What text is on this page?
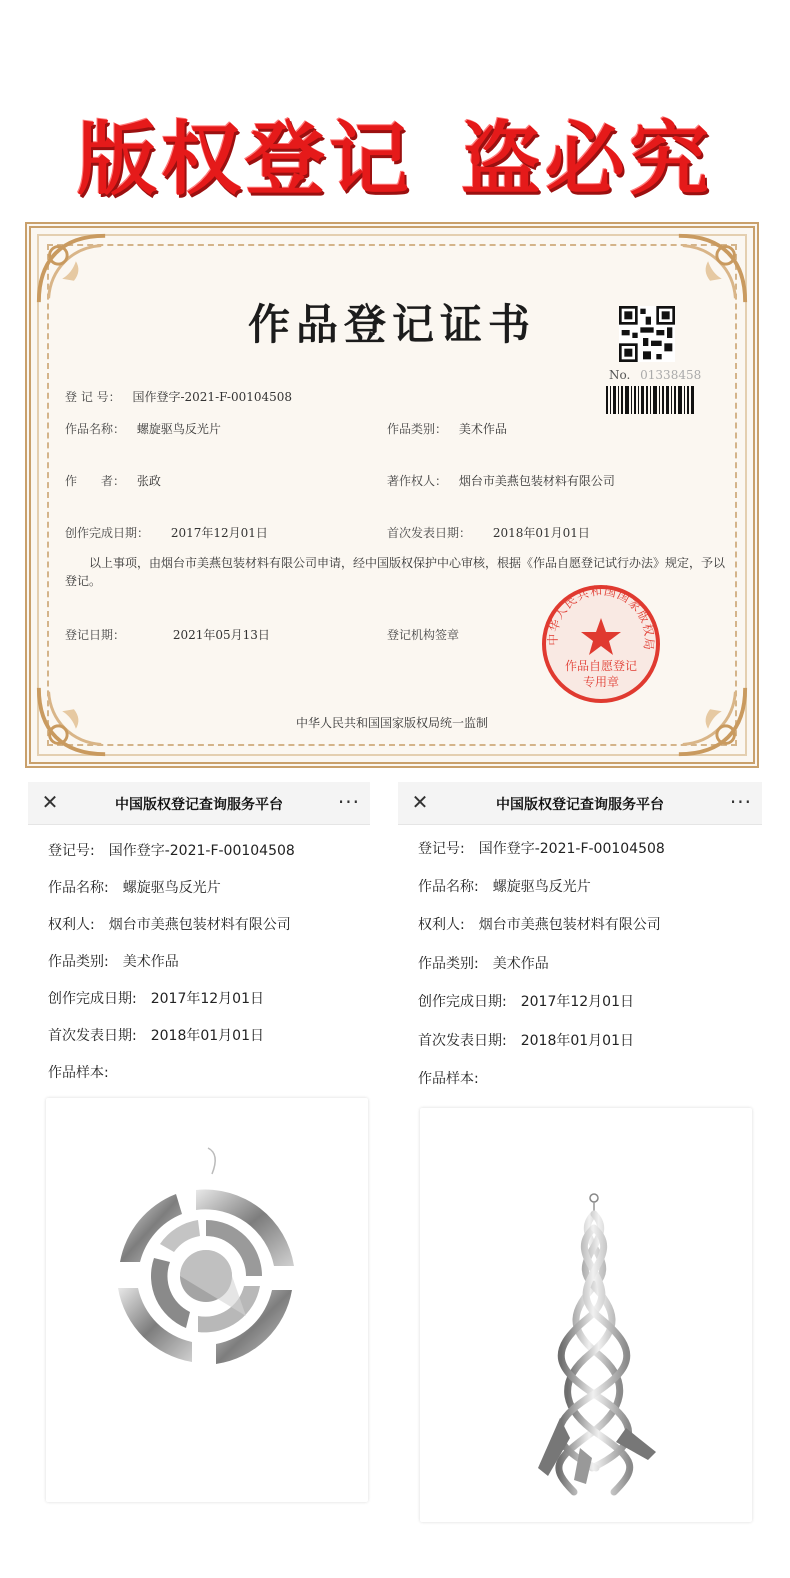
版权登记 盗必究
作品登记证书
No. 01338458
登 记 号： 国作登字-2021-F-00104508
作品名称： 螺旋驱鸟反光片	作品类别： 美术作品
作　　者： 张政	著作权人： 烟台市美燕包装材料有限公司
创作完成日期： 2017年12月01日	首次发表日期： 2018年01月01日
以上事项，由烟台市美燕包装材料有限公司申请，经中国版权保护中心审核，根据《作品自愿登记试行办法》规定，予以登记。
登记日期：	2021年05月13日	登记机构签章	中华人民共和国国家版权局
作品自愿登记
专用章
中华人民共和国国家版权局统一监制
✕	中国版权登记查询服务平台	···
登记号: 国作登字-2021-F-00104508
作品名称: 螺旋驱鸟反光片
权利人: 烟台市美燕包装材料有限公司
作品类别: 美术作品
创作完成日期: 2017年12月01日
首次发表日期: 2018年01月01日
作品样本:
✕	中国版权登记查询服务平台	···
登记号: 国作登字-2021-F-00104508
作品名称: 螺旋驱鸟反光片
权利人: 烟台市美燕包装材料有限公司
作品类别: 美术作品
创作完成日期: 2017年12月01日
首次发表日期: 2018年01月01日
作品样本:
